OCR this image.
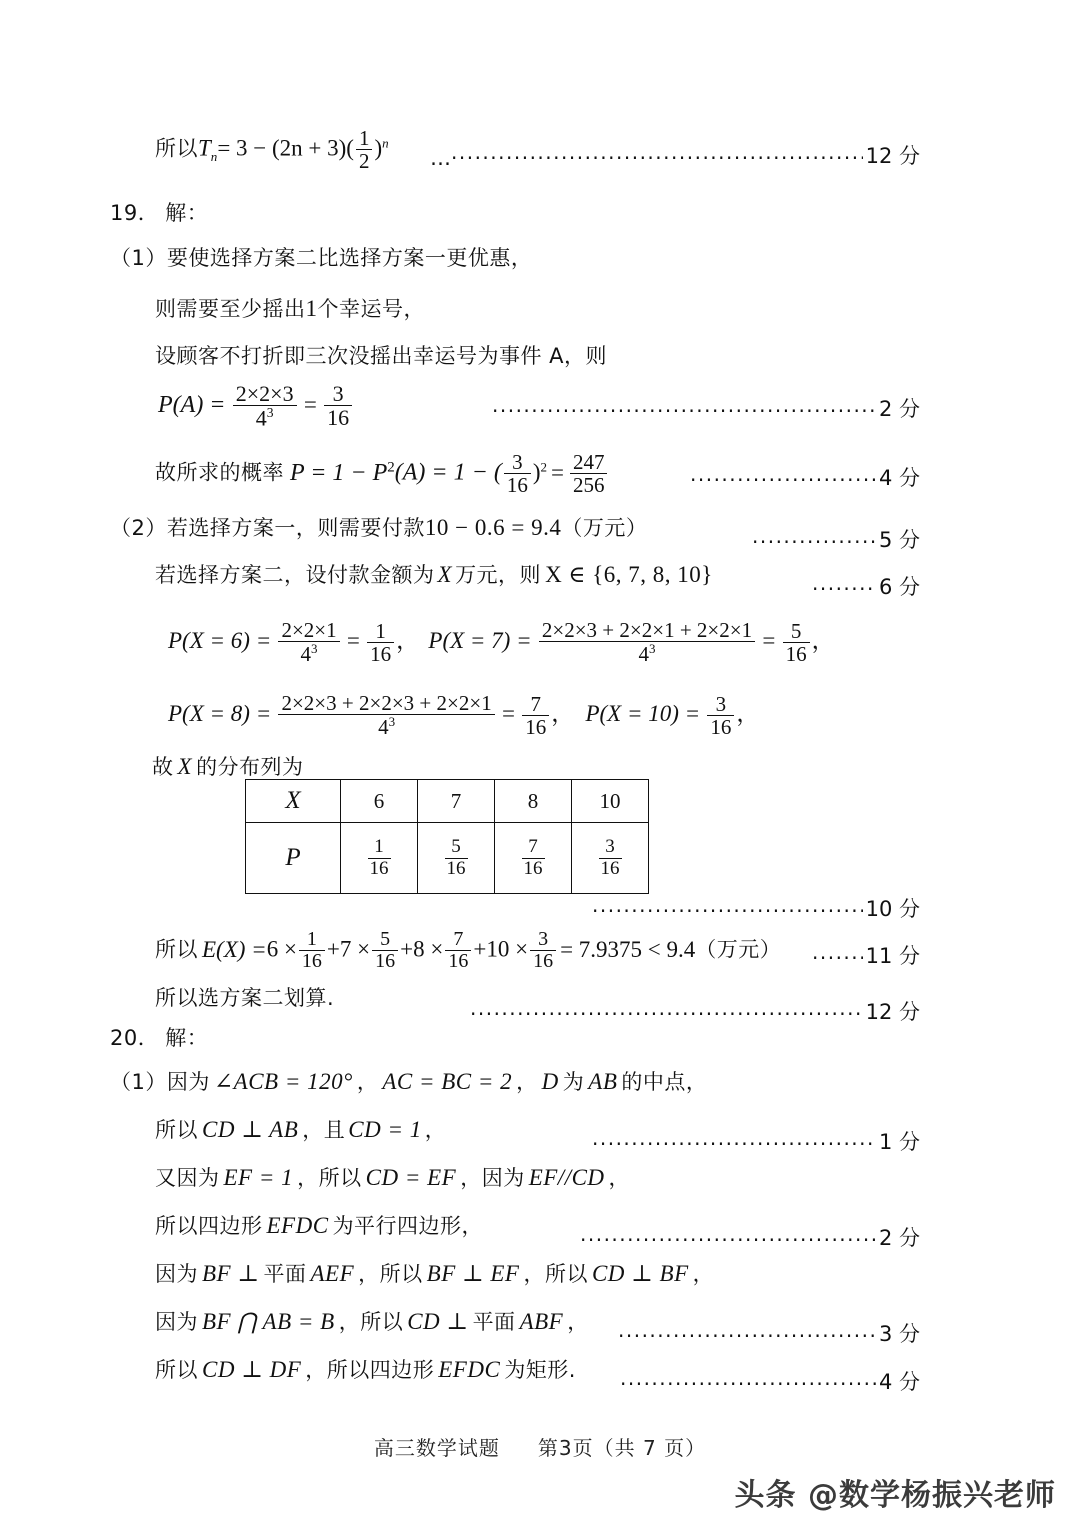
所以$T_n= 3 - (2n + 3)( \frac{1}{2} )^n$
… ·····	12 分
19． 解：
（1）要使选择方案二比选择方案一更优惠，
则需要至少摇出1个幸运号，
设顾客不打折即三次没摇出幸运号为事件 A，则
$P(A) = \frac{2\times 2\times 3}{4^3} = \frac{3}{16}$ ·····	2 分
故所求的概率 $P = 1 - P^2(A) = 1$ − ( $\frac{3}{16} )^2 = \frac{247}{256}$ ·····	4 分
（2）若选择方案一，则需要付款10 − 0.6 = 9.4（万元） ·····	5 分
若选择方案二，设付款金额为 X 万元，则 X ∈ {6, 7, 8, 10} ·····	6 分
$P(X = 6) = \frac{2\times 2\times 1}{4^3} = \frac{1}{16}$ ， $P(X = 7) = \frac{2\times 2\times 3 + 2\times 2\times 1 + 2\times 2\times 1}{4^3} = \frac{5}{16}$ ，
$P(X = 8) = \frac{2\times 2\times 3 + 2\times 2\times 3 + 2\times 2\times 1}{4^3} = \frac{7}{16}$ ， $P(X = 10) = \frac{3}{16}$ ，
故 X 的分布列为
X	6	7	8	10
P	$\frac{1}{16}$	$\frac{5}{16}$	$\frac{7}{16}$	$\frac{3}{16}$
·····
10 分
所以 $E(X) =6 \times \frac{1}{16} +7 \times \frac{5}{16} +8 \times \frac{7}{16} +10 \times \frac{3}{16} = 7.9375 < 9.4$（万元） ·····	11 分
所以选方案二划算.
·····
12 分
20． 解：
（1）因为 ∠ACB = 120° ， AC = BC = 2 ， D 为 AB 的中点，
所以 CD ⊥ AB ，且 CD = 1 ， ·····	1 分
又因为 EF = 1 ，所以 CD = EF ，因为 EF//CD ，
所以四边形 EFDC 为平行四边形， ·····	2 分
因为 BF ⊥ 平面 AEF ，所以 BF ⊥ EF ，所以 CD ⊥ BF ，
因为 BF ⋂ AB = B ，所以 CD ⊥ 平面 ABF ， ·····	3 分
所以 CD ⊥ DF ，所以四边形 EFDC 为矩形. ·····	4 分
高三数学试题 第3页（共 7 页）
头条 @数学杨振兴老师
